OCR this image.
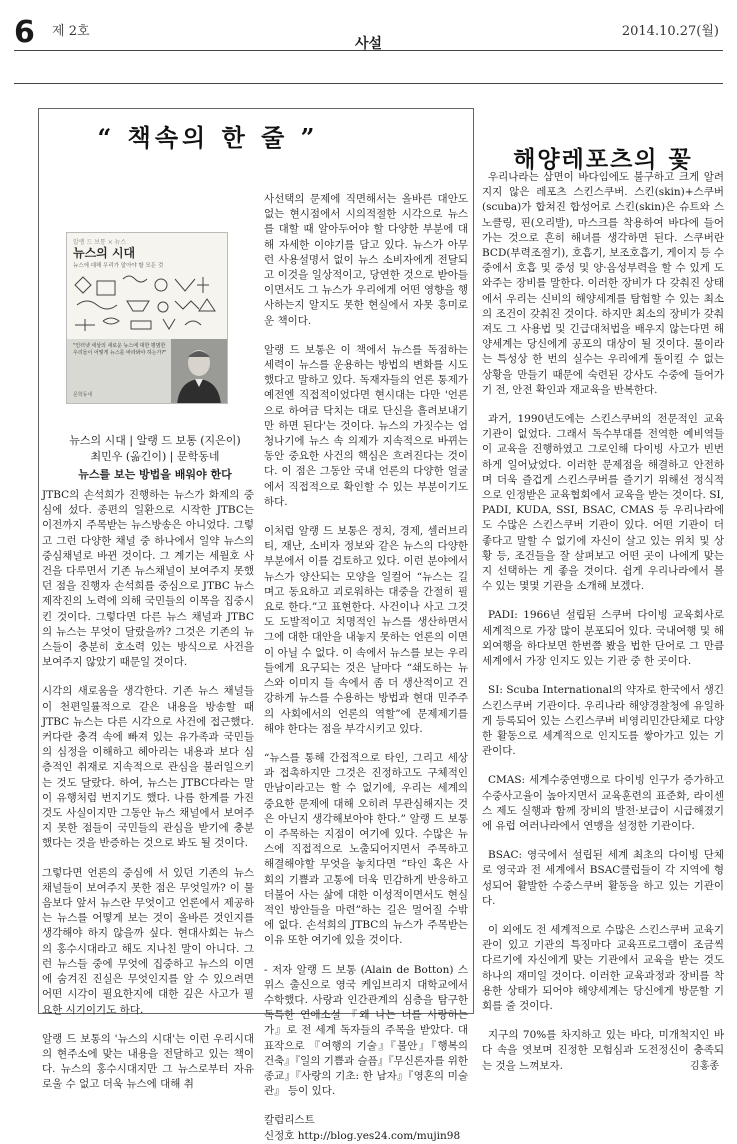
6 제 2호
사설
2014.10.27(월)
“ 책속의 한 줄 ”
알랭 드 보통 × 뉴스
뉴스의 시대
뉴스에 대해 우리가 알아야 할 모든 것
"인터넷 세상의 새로운 뉴스에 대한 평범한 우리들이 어떻게 뉴스를 바라봐야 하는가?"
문학동네
뉴스의 시대 | 알랭 드 보통 (지은이)
최민우 (옮긴이) | 문학동네
뉴스를 보는 방법을 배워야 한다

JTBC의 손석희가 진행하는 뉴스가 화제의 중심에 섰다. 종편의 일환으로 시작한 JTBC는 이전까지 주목받는 뉴스방송은 아니었다. 그렇고 그런 다양한 채널 중 하나에서 일약 뉴스의 중심채널로 바뀐 것이다. 그 계기는 세월호 사건을 다루면서 기존 뉴스채널이 보여주지 못했던 점을 진행자 손석희를 중심으로 JTBC 뉴스 제작진의 노력에 의해 국민들의 이목을 집중시킨 것이다. 그렇다면 다른 뉴스 채널과 JTBC의 뉴스는 무엇이 달랐을까? 그것은 기존의 뉴스들이 충분히 호소력 있는 방식으로 사건을 보여주지 않았기 때문일 것이다.

시각의 새로움을 생각한다. 기존 뉴스 채널들이 천편일률적으로 같은 내용을 방송할 때 JTBC 뉴스는 다른 시각으로 사건에 접근했다. 커다란 충격 속에 빠져 있는 유가족과 국민들의 심정을 이해하고 헤아리는 내용과 보다 심층적인 취재로 지속적으로 관심을 불러일으키는 것도 달랐다. 하여, 뉴스는 JTBC다라는 말이 유행처럼 번지기도 했다. 나름 한계를 가진 것도 사실이지만 그동안 뉴스 채널에서 보여주지 못한 점들이 국민들의 관심을 받기에 충분했다는 것을 반증하는 것으로 봐도 될 것이다.

그렇다면 언론의 중심에 서 있던 기존의 뉴스채널들이 보여주지 못한 점은 무엇일까? 이 물음보다 앞서 뉴스란 무엇이고 언론에서 제공하는 뉴스를 어떻게 보는 것이 올바른 것인지를 생각해야 하지 않을까 싶다. 현대사회는 뉴스의 홍수시대라고 해도 지나친 말이 아니다. 그런 뉴스들 중에 무엇에 집중하고 뉴스의 이면에 숨겨진 진실은 무엇인지를 알 수 있으려면 어떤 시각이 필요한지에 대한 깊은 사고가 필요한 시기이기도 하다.

알랭 드 보통의 '뉴스의 시대'는 이런 우리시대의 현주소에 맞는 내용을 전달하고 있는 책이다. 뉴스의 홍수시대지만 그 뉴스로부터 자유로울 수 없고 더욱 뉴스에 대해 취

사선택의 문제에 직면해서는 올바른 대안도 없는 현시점에서 시의적절한 시각으로 뉴스를 대할 때 알아두어야 할 다양한 부분에 대해 자세한 이야기를 담고 있다. 뉴스가 아무런 사용설명서 없이 뉴스 소비자에게 전달되고 이것을 일상적이고, 당연한 것으로 받아들이면서도 그 뉴스가 우리에게 어떤 영향을 행사하는지 알지도 못한 현실에서 자못 흥미로운 책이다.

알랭 드 보통은 이 책에서 뉴스를 독점하는 세력이 뉴스를 운용하는 방법의 변화를 시도했다고 말하고 있다. 독재자들의 언론 통제가 예전엔 직접적이었다면 현시대는 다만 '언론으로 하여금 닥치는 대로 단신을 흘려보내기만 하면 된다'는 것이다. 뉴스의 가짓수는 엄청나기에 뉴스 속 의제가 지속적으로 바뀌는 동안 중요한 사건의 핵심은 흐려진다는 것이다. 이 점은 그동안 국내 언론의 다양한 얼굴에서 직접적으로 확인할 수 있는 부분이기도 하다.

이처럼 알랭 드 보통은 정치, 경제, 셀러브리티, 재난, 소비자 정보와 같은 뉴스의 다양한 부분에서 이를 검토하고 있다. 이런 분야에서 뉴스가 양산되는 모양을 일컬어 “뉴스는 길며고 동요하고 괴로워하는 대중을 간절히 필요로 한다.”고 표현한다. 사건이나 사고 그것도 도발적이고 치명적인 뉴스를 생산하면서 그에 대한 대안을 내놓지 못하는 언론의 이면이 아닐 수 없다. 이 속에서 뉴스를 보는 우리들에게 요구되는 것은 날마다 “쇄도하는 뉴스와 이미지 들 속에서 좀 더 생산적이고 건강하게 뉴스를 수용하는 방법과 현대 민주주의 사회에서의 언론의 역할”에 문제제기를 해야 한다는 점을 부각시키고 있다.

“뉴스를 통해 간접적으로 타인, 그리고 세상과 접촉하지만 그것은 진정하고도 구체적인 만남이라고는 할 수 없기에, 우리는 세계의 중요한 문제에 대해 오히려 무관심해지는 것은 아닌지 생각해보아야 한다.” 알랭 드 보통이 주목하는 지점이 여기에 있다. 수많은 뉴스에 직접적으로 노출되어지면서 주목하고 해결해야할 무엇을 놓치다면 “타인 혹은 사회의 기쁨과 고통에 더욱 민감하게 반응하고 더불어 사는 삶에 대한 이성적이면서도 현실적인 방안들을 마련”하는 길은 멀어질 수밖에 없다. 손석희의 JTBC의 뉴스가 주목받는 이유 또한 여기에 있을 것이다.

- 저자 알랭 드 보통 (Alain de Botton) 스위스 출신으로 영국 케임브리지 대학교에서 수학했다. 사랑과 인간관계의 심층을 탐구한 독특한 연애소설 『왜 나는 너를 사랑하는가』로 전 세계 독자들의 주목을 받았다. 대표작으로 『여행의 기술』『불안』『행복의 건축』『일의 기쁨과 슬픔』『무신론자를 위한 종교』『사랑의 기초: 한 남자』『영혼의 미술관』 등이 있다.

칼럼리스트
신정호 http://blog.yes24.com/mujin98
해양레포츠의 꽃

우리나라는 삼면이 바다임에도 불구하고 크게 알려지지 않은 레포츠 스킨스쿠버. 스킨(skin)+스쿠버(scuba)가 합쳐진 합성어로 스킨(skin)은 슈트와 스노클링, 핀(오리발), 마스크를 착용하여 바다에 들어가는 것으로 흔히 해녀를 생각하면 된다. 스쿠버란 BCD(부력조절기), 호흡기, 보조호흡기, 게이지 등 수중에서 호흡 및 중성 및 양·음성부력을 할 수 있게 도와주는 장비를 말한다. 이러한 장비가 다 갖춰진 상태에서 우리는 신비의 해양세계를 탐험할 수 있는 최소의 조건이 갖춰진 것이다. 하지만 최소의 장비가 갖춰져도 그 사용법 및 긴급대처법을 배우지 않는다면 해양세계는 당신에게 공포의 대상이 될 것이다. 물이라는 특성상 한 번의 실수는 우리에게 돌이킬 수 없는 상황을 만들기 때문에 숙련된 강사도 수중에 들어가기 전, 안전 확인과 재교육을 반복한다.

과거, 1990년도에는 스킨스쿠버의 전문적인 교육기관이 없었다. 그래서 독수부대를 전역한 예비역들이 교육을 진행하였고 그로인해 다이빙 사고가 빈번하게 일어났었다. 이러한 문제점을 해결하고 안전하며 더욱 즐겁게 스킨스쿠버를 즐기기 위해선 정식적으로 인정받은 교육협회에서 교육을 받는 것이다. SI, PADI, KUDA, SSI, BSAC, CMAS 등 우리나라에도 수많은 스킨스쿠버 기관이 있다. 어떤 기관이 더 좋다고 말할 수 없기에 자신이 살고 있는 위치 및 상황 등, 조건들을 잘 살펴보고 어떤 곳이 나에게 맞는지 선택하는 게 좋을 것이다. 쉽게 우리나라에서 볼 수 있는 몇몇 기관을 소개해 보겠다.

PADI: 1966년 설립된 스쿠버 다이빙 교육회사로 세계적으로 가장 많이 분포되어 있다. 국내여행 및 해외여행을 하다보면 한번쯤 봤을 법한 단어로 그 만큼 세계에서 가장 인지도 있는 기관 중 한 곳이다.

SI: Scuba International의 약자로 한국에서 생긴 스킨스쿠버 기관이다. 우리나라 해양경찰청에 유일하게 등록되어 있는 스킨스쿠버 비영리민간단체로 다양한 활동으로 세계적으로 인지도를 쌓아가고 있는 기관이다.

CMAS: 세계수중연맹으로 다이빙 인구가 증가하고 수중사고율이 높아지면서 교육훈련의 표준화, 라이센스 제도 실행과 함께 장비의 발전·보급이 시급해졌기에 유럽 여러나라에서 연맹을 설정한 기관이다.

BSAC: 영국에서 설립된 세계 최초의 다이빙 단체로 영국과 전 세계에서 BSAC클럽들이 각 지역에 형성되어 활발한 수중스쿠버 활동을 하고 있는 기관이다.

이 외에도 전 세계적으로 수많은 스킨스쿠버 교육기관이 있고 기관의 특징마다 교육프로그램이 조금씩 다르기에 자신에게 맞는 기관에서 교육을 받는 것도 하나의 재미일 것이다. 이러한 교육과정과 장비를 착용한 상태가 되어야 해양세계는 당신에게 방문할 기회를 줄 것이다.

지구의 70%를 차지하고 있는 바다, 미개척지인 바다 속을 엿보며 진정한 모험심과 도전정신이 충족되는 것을 느껴보자.	김홍종
